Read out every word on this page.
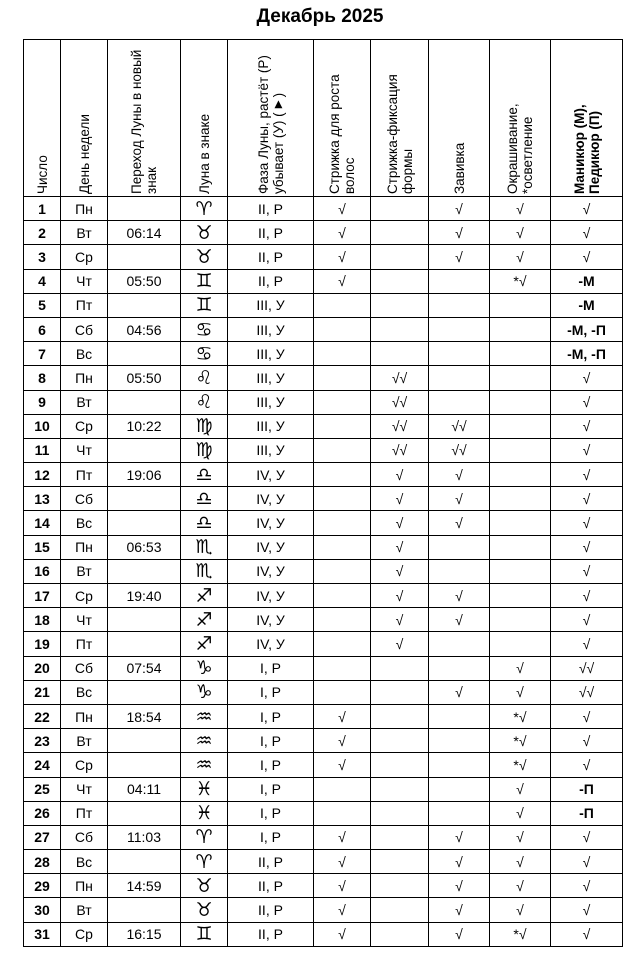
Декабрь 2025
Число	День недели	Переход Луны в новый знак	Луна в знаке	Фаза Луны, растёт (Р) убывает (У) (▼)	Стрижка для роста волос	Стрижка-фиксация формы	Завивка	Окрашивание, *осветление	Маникюр (М), Педикюр (П)

1	Пн		♈	II, Р	√		√	√	√
2	Вт	06:14	♉	II, Р	√		√	√	√
3	Ср		♉	II, Р	√		√	√	√
4	Чт	05:50	♊	II, Р	√			*√	-М
5	Пт		♊	III, У					-М
6	Сб	04:56	♋	III, У					-М, -П
7	Вс		♋	III, У					-М, -П
8	Пн	05:50	♌	III, У		√√			√
9	Вт		♌	III, У		√√			√
10	Ср	10:22	♍	III, У		√√	√√		√
11	Чт		♍	III, У		√√	√√		√
12	Пт	19:06	♎	IV, У		√	√		√
13	Сб		♎	IV, У		√	√		√
14	Вс		♎	IV, У		√	√		√
15	Пн	06:53	♏	IV, У		√			√
16	Вт		♏	IV, У		√			√
17	Ср	19:40	♐	IV, У		√	√		√
18	Чт		♐	IV, У		√	√		√
19	Пт		♐	IV, У		√			√
20	Сб	07:54	♑	I, Р				√	√√
21	Вс		♑	I, Р			√	√	√√
22	Пн	18:54	♒	I, Р	√			*√	√
23	Вт		♒	I, Р	√			*√	√
24	Ср		♒	I, Р	√			*√	√
25	Чт	04:11	♓	I, Р				√	-П
26	Пт		♓	I, Р				√	-П
27	Сб	11:03	♈	I, Р	√		√	√	√
28	Вс		♈	II, Р	√		√	√	√
29	Пн	14:59	♉	II, Р	√		√	√	√
30	Вт		♉	II, Р	√		√	√	√
31	Ср	16:15	♊	II, Р	√		√	*√	√
